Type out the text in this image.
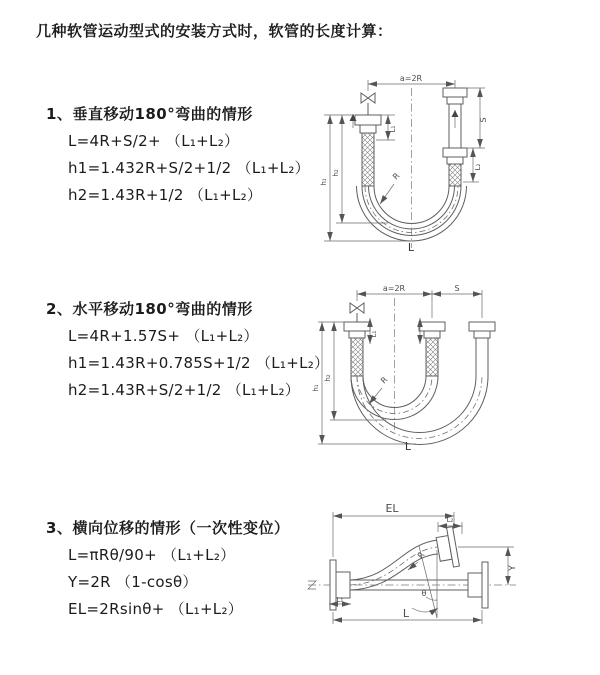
几种软管运动型式的安装方式时，软管的长度计算：
1、垂直移动180°弯曲的情形
L=4R+S/2+ （L₁+L₂）
h1=1.432R+S/2+1/2 （L₁+L₂）
h2=1.43R+1/2 （L₁+L₂）
a=2R
h₁
h₂
L₁
S
L₂
R
L
2、水平移动180°弯曲的情形
L=4R+1.57S+ （L₁+L₂）
h1=1.43R+0.785S+1/2 （L₁+L₂）
h2=1.43R+S/2+1/2 （L₁+L₂）
a=2R	S
L₁
h₁
h₂	R
L
3、横向位移的情形（一次性变位）
L=πRθ/90+ （L₁+L₂）
Y=2R （1-cosθ）
EL=2Rsinθ+ （L₁+L₂）
EL
L₂
Y
θ
R
L₁
L
